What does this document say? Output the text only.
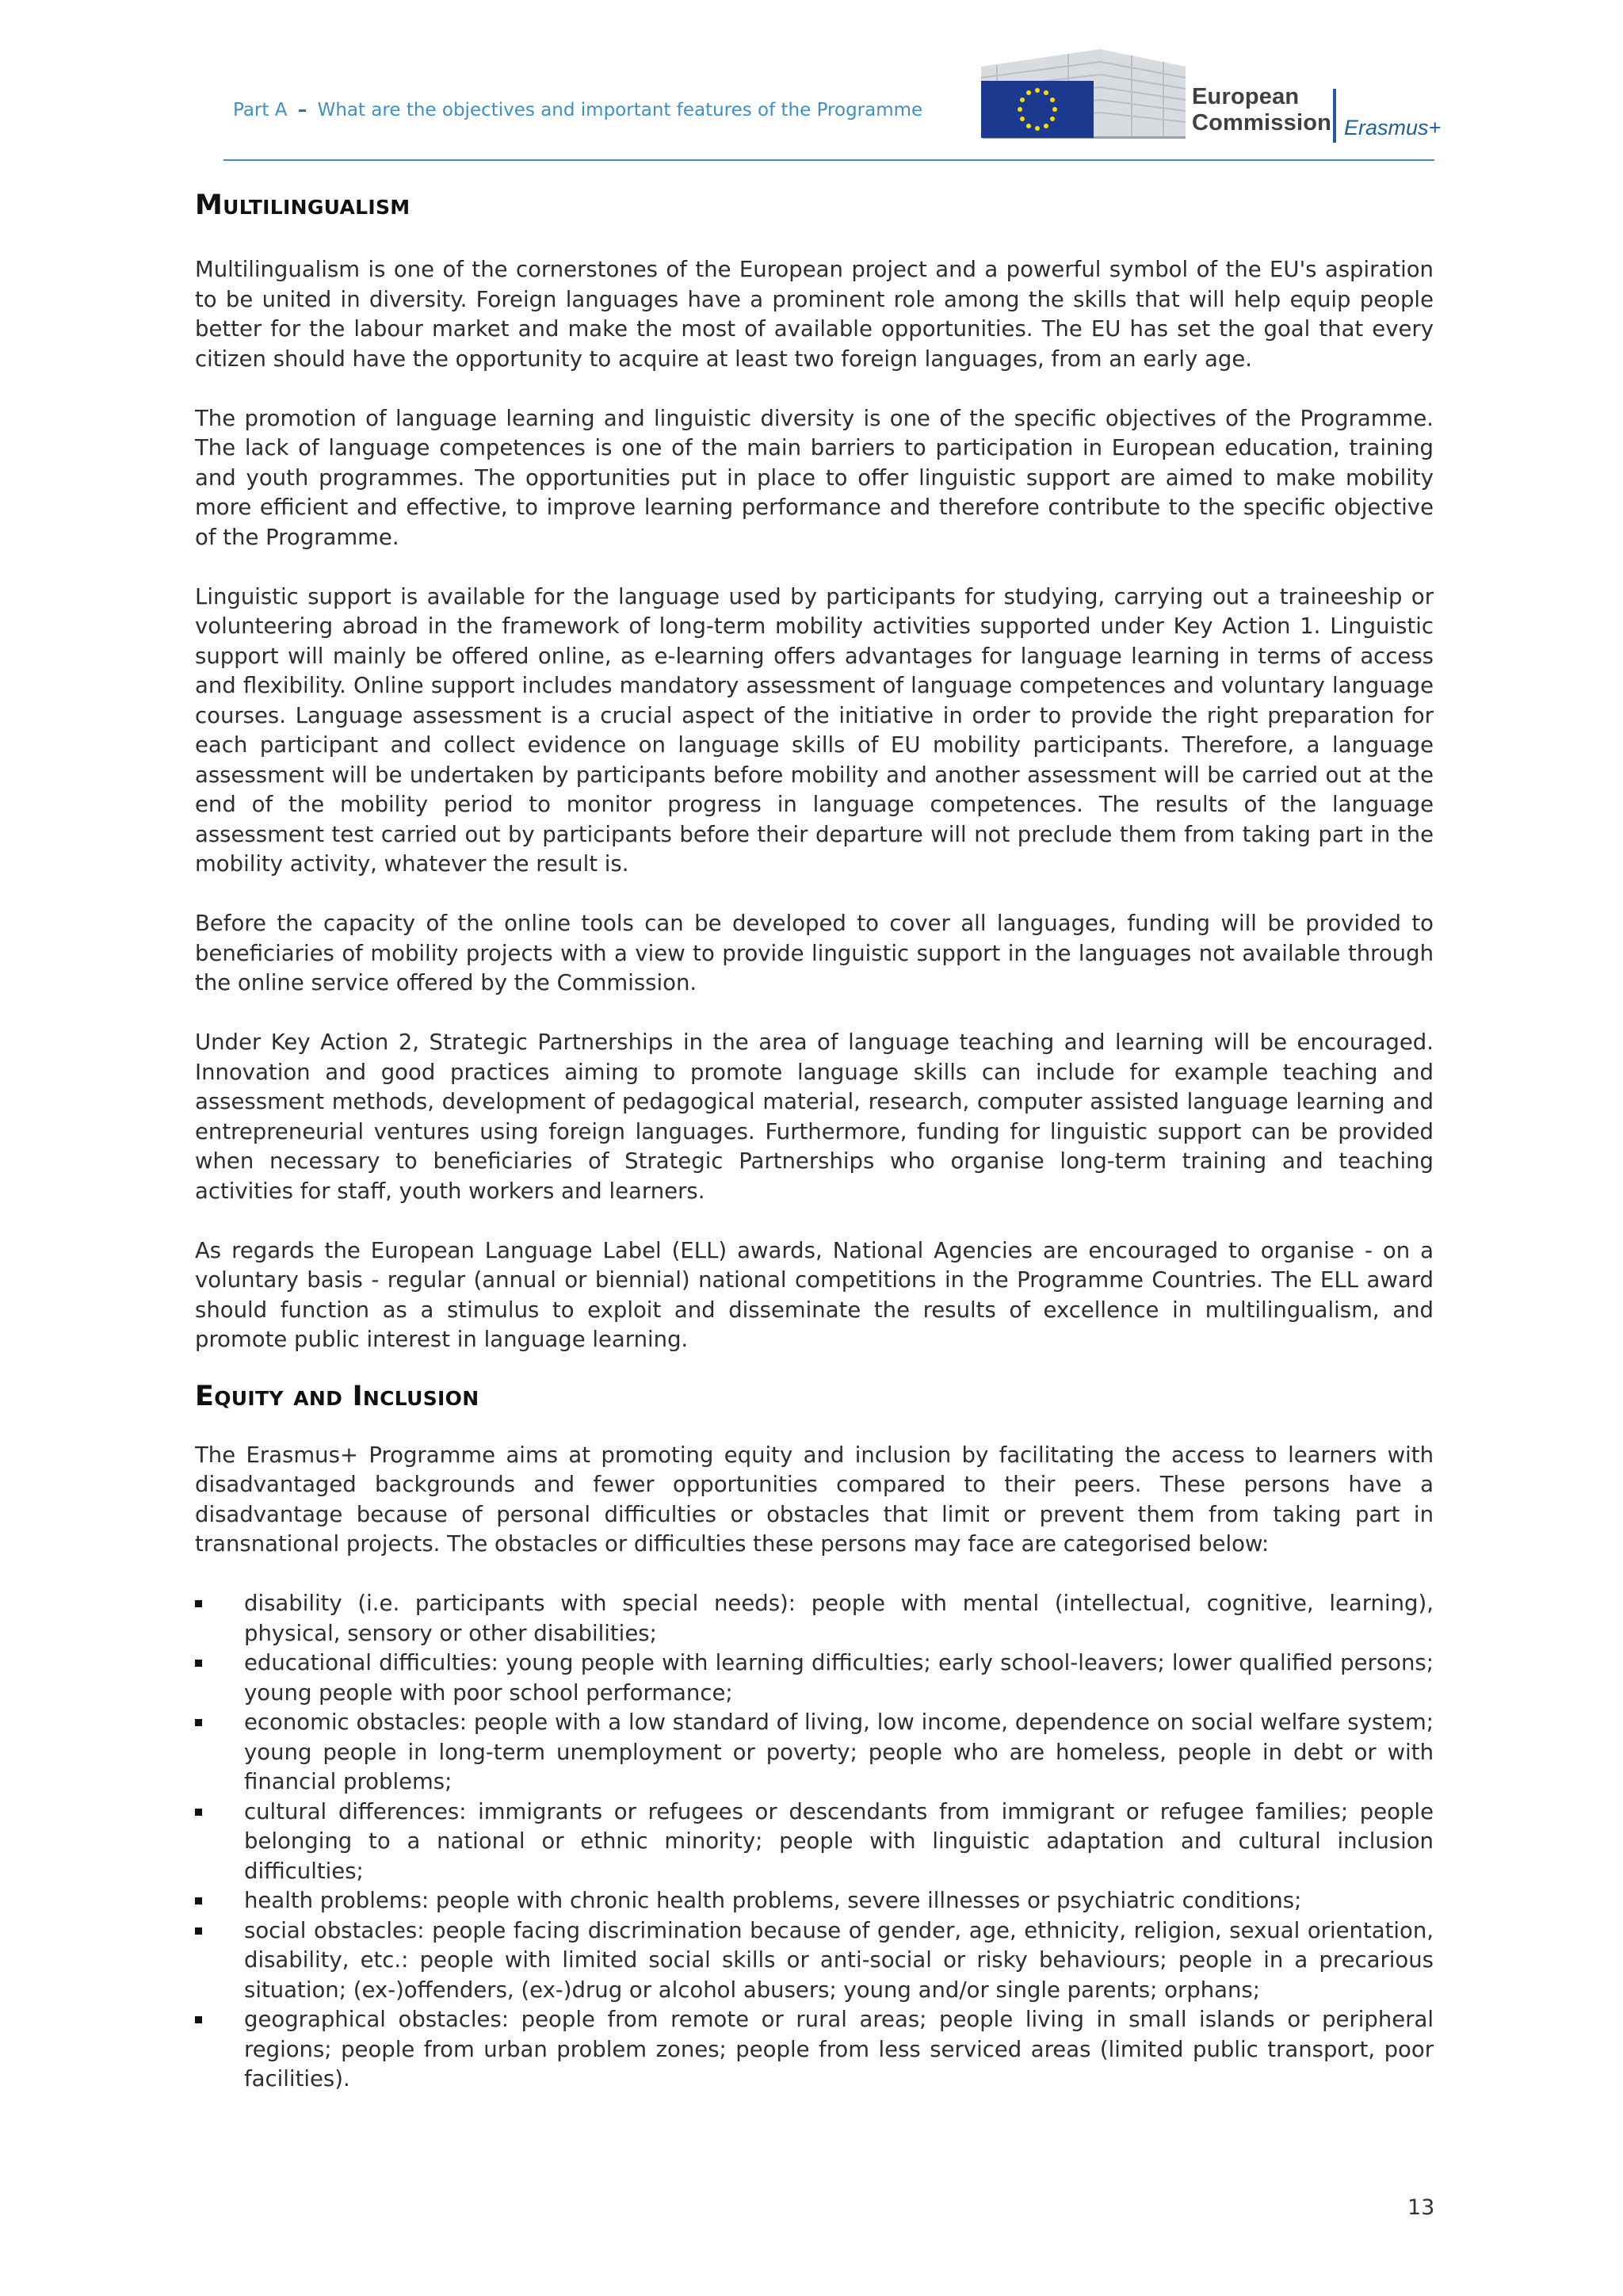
Part A – What are the objectives and important features of the Programme
European
Commission Erasmus+
Multilingualism

Multilingualism is one of the cornerstones of the European project and a powerful symbol of the EU's aspiration to be united in diversity. Foreign languages have a prominent role among the skills that will help equip people better for the labour market and make the most of available opportunities. The EU has set the goal that every citizen should have the opportunity to acquire at least two foreign languages, from an early age.

The promotion of language learning and linguistic diversity is one of the specific objectives of the Programme. The lack of language competences is one of the main barriers to participation in European education, training and youth programmes. The opportunities put in place to offer linguistic support are aimed to make mobility more efficient and effective, to improve learning performance and therefore contribute to the specific objective of the Programme.

Linguistic support is available for the language used by participants for studying, carrying out a traineeship or volunteering abroad in the framework of long-term mobility activities supported under Key Action 1. Linguistic support will mainly be offered online, as e-learning offers advantages for language learning in terms of access and flexibility. Online support includes mandatory assessment of language competences and voluntary language courses. Language assessment is a crucial aspect of the initiative in order to provide the right preparation for each participant and collect evidence on language skills of EU mobility participants. Therefore, a language assessment will be undertaken by participants before mobility and another assessment will be carried out at the end of the mobility period to monitor progress in language competences. The results of the language assessment test carried out by participants before their departure will not preclude them from taking part in the mobility activity, whatever the result is.

Before the capacity of the online tools can be developed to cover all languages, funding will be provided to beneficiaries of mobility projects with a view to provide linguistic support in the languages not available through the online service offered by the Commission.

Under Key Action 2, Strategic Partnerships in the area of language teaching and learning will be encouraged. Innovation and good practices aiming to promote language skills can include for example teaching and assessment methods, development of pedagogical material, research, computer assisted language learning and entrepreneurial ventures using foreign languages. Furthermore, funding for linguistic support can be provided when necessary to beneficiaries of Strategic Partnerships who organise long-term training and teaching activities for staff, youth workers and learners.

As regards the European Language Label (ELL) awards, National Agencies are encouraged to organise - on a voluntary basis - regular (annual or biennial) national competitions in the Programme Countries. The ELL award should function as a stimulus to exploit and disseminate the results of excellence in multilingualism, and promote public interest in language learning.

Equity and Inclusion

The Erasmus+ Programme aims at promoting equity and inclusion by facilitating the access to learners with disadvantaged backgrounds and fewer opportunities compared to their peers. These persons have a disadvantage because of personal difficulties or obstacles that limit or prevent them from taking part in transnational projects. The obstacles or difficulties these persons may face are categorised below:

disability (i.e. participants with special needs): people with mental (intellectual, cognitive, learning), physical, sensory or other disabilities;
educational difficulties: young people with learning difficulties; early school-leavers; lower qualified persons; young people with poor school performance;
economic obstacles: people with a low standard of living, low income, dependence on social welfare system; young people in long-term unemployment or poverty; people who are homeless, people in debt or with financial problems;
cultural differences: immigrants or refugees or descendants from immigrant or refugee families; people belonging to a national or ethnic minority; people with linguistic adaptation and cultural inclusion difficulties;
health problems: people with chronic health problems, severe illnesses or psychiatric conditions;
social obstacles: people facing discrimination because of gender, age, ethnicity, religion, sexual orientation, disability, etc.: people with limited social skills or anti-social or risky behaviours; people in a precarious situation; (ex-)offenders, (ex-)drug or alcohol abusers; young and/or single parents; orphans;
geographical obstacles: people from remote or rural areas; people living in small islands or peripheral regions; people from urban problem zones; people from less serviced areas (limited public transport, poor facilities).
13
